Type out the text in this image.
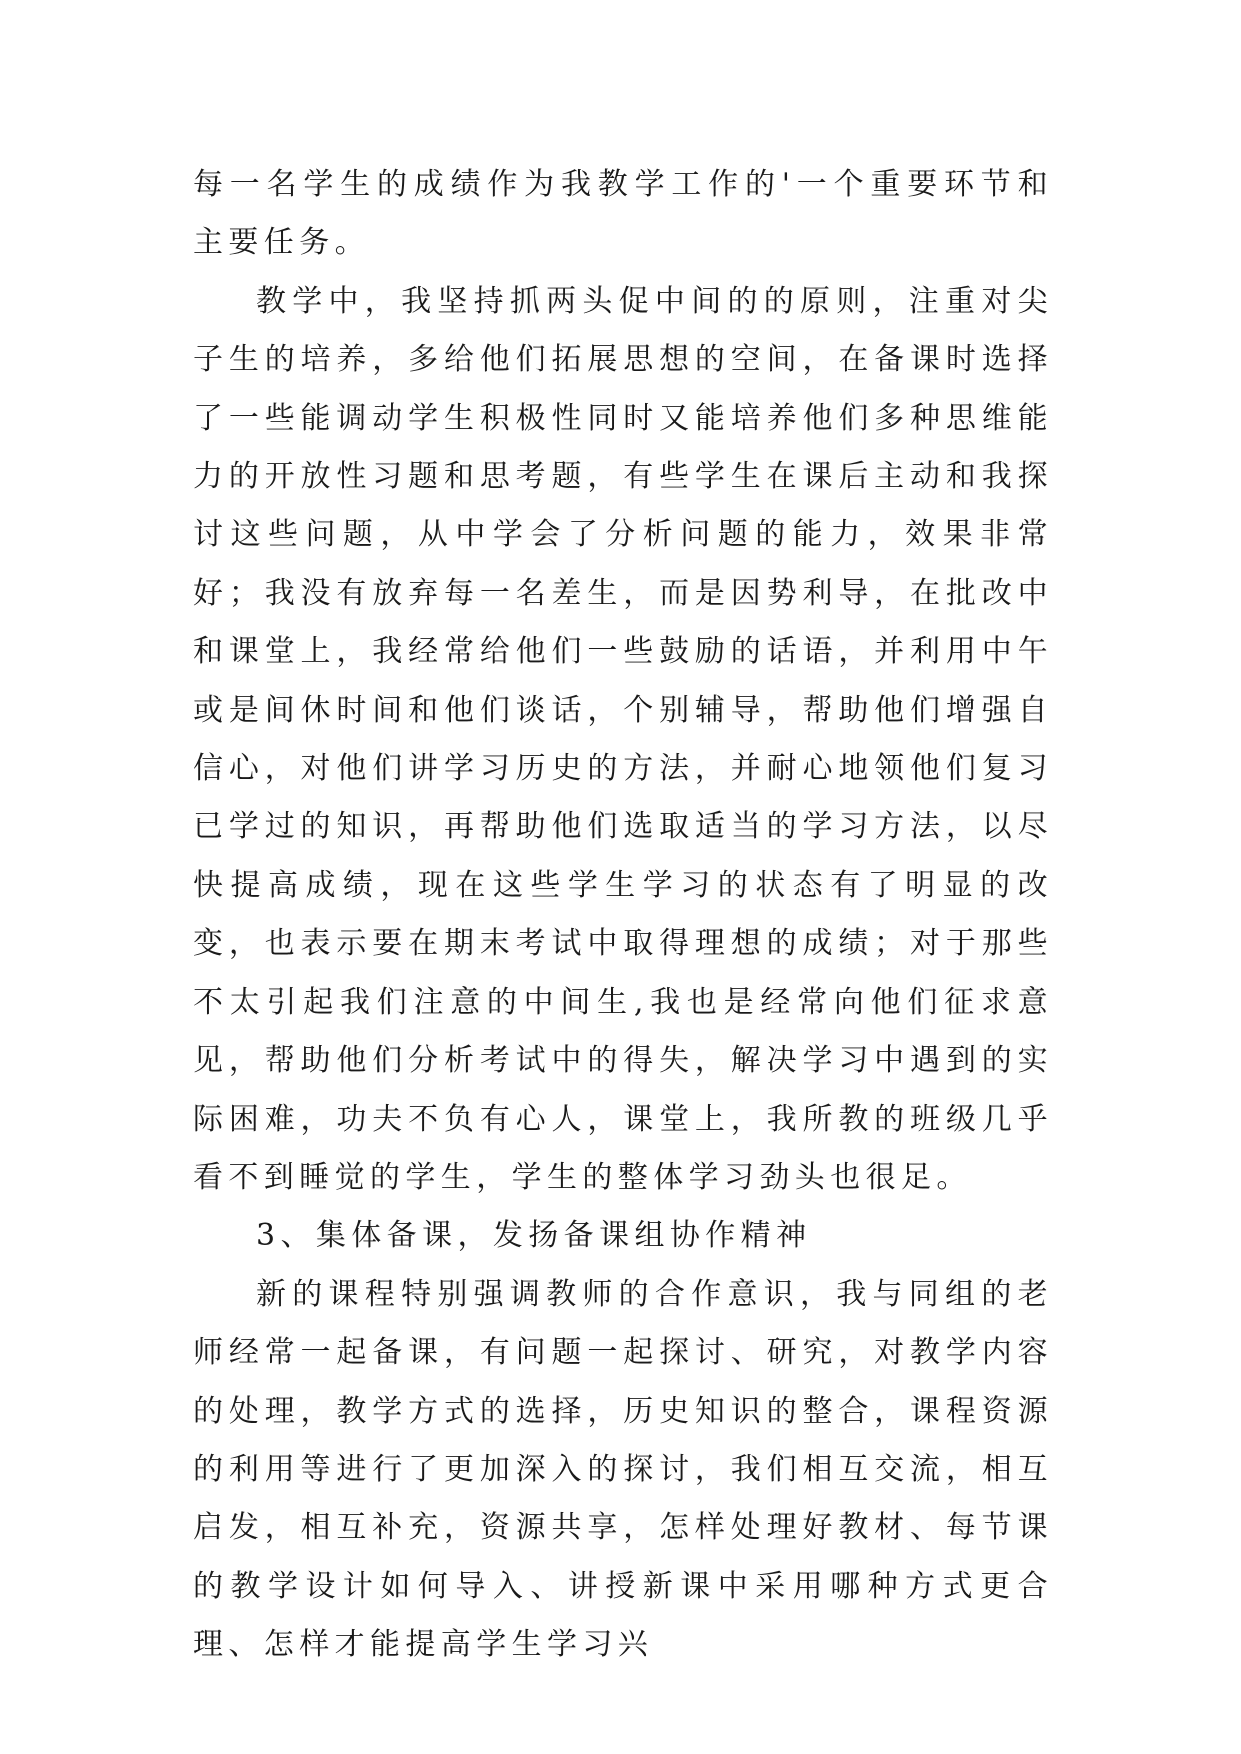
每一名学生的成绩作为我教学工作的'一个重要环节和主要任务。

教学中，我坚持抓两头促中间的的原则，注重对尖子生的培养，多给他们拓展思想的空间，在备课时选择了一些能调动学生积极性同时又能培养他们多种思维能力的开放性习题和思考题，有些学生在课后主动和我探讨这些问题，从中学会了分析问题的能力，效果非常好；我没有放弃每一名差生，而是因势利导，在批改中和课堂上，我经常给他们一些鼓励的话语，并利用中午或是间休时间和他们谈话，个别辅导，帮助他们增强自信心，对他们讲学习历史的方法，并耐心地领他们复习已学过的知识，再帮助他们选取适当的学习方法，以尽快提高成绩，现在这些学生学习的状态有了明显的改变，也表示要在期末考试中取得理想的成绩；对于那些不太引起我们注意的中间生,我也是经常向他们征求意见，帮助他们分析考试中的得失，解决学习中遇到的实际困难，功夫不负有心人，课堂上，我所教的班级几乎看不到睡觉的学生，学生的整体学习劲头也很足。

3、集体备课，发扬备课组协作精神

新的课程特别强调教师的合作意识，我与同组的老师经常一起备课，有问题一起探讨、研究，对教学内容的处理，教学方式的选择，历史知识的整合，课程资源的利用等进行了更加深入的探讨，我们相互交流，相互启发，相互补充，资源共享，怎样处理好教材、每节课的教学设计如何导入、讲授新课中采用哪种方式更合理、怎样才能提高学生学习兴
